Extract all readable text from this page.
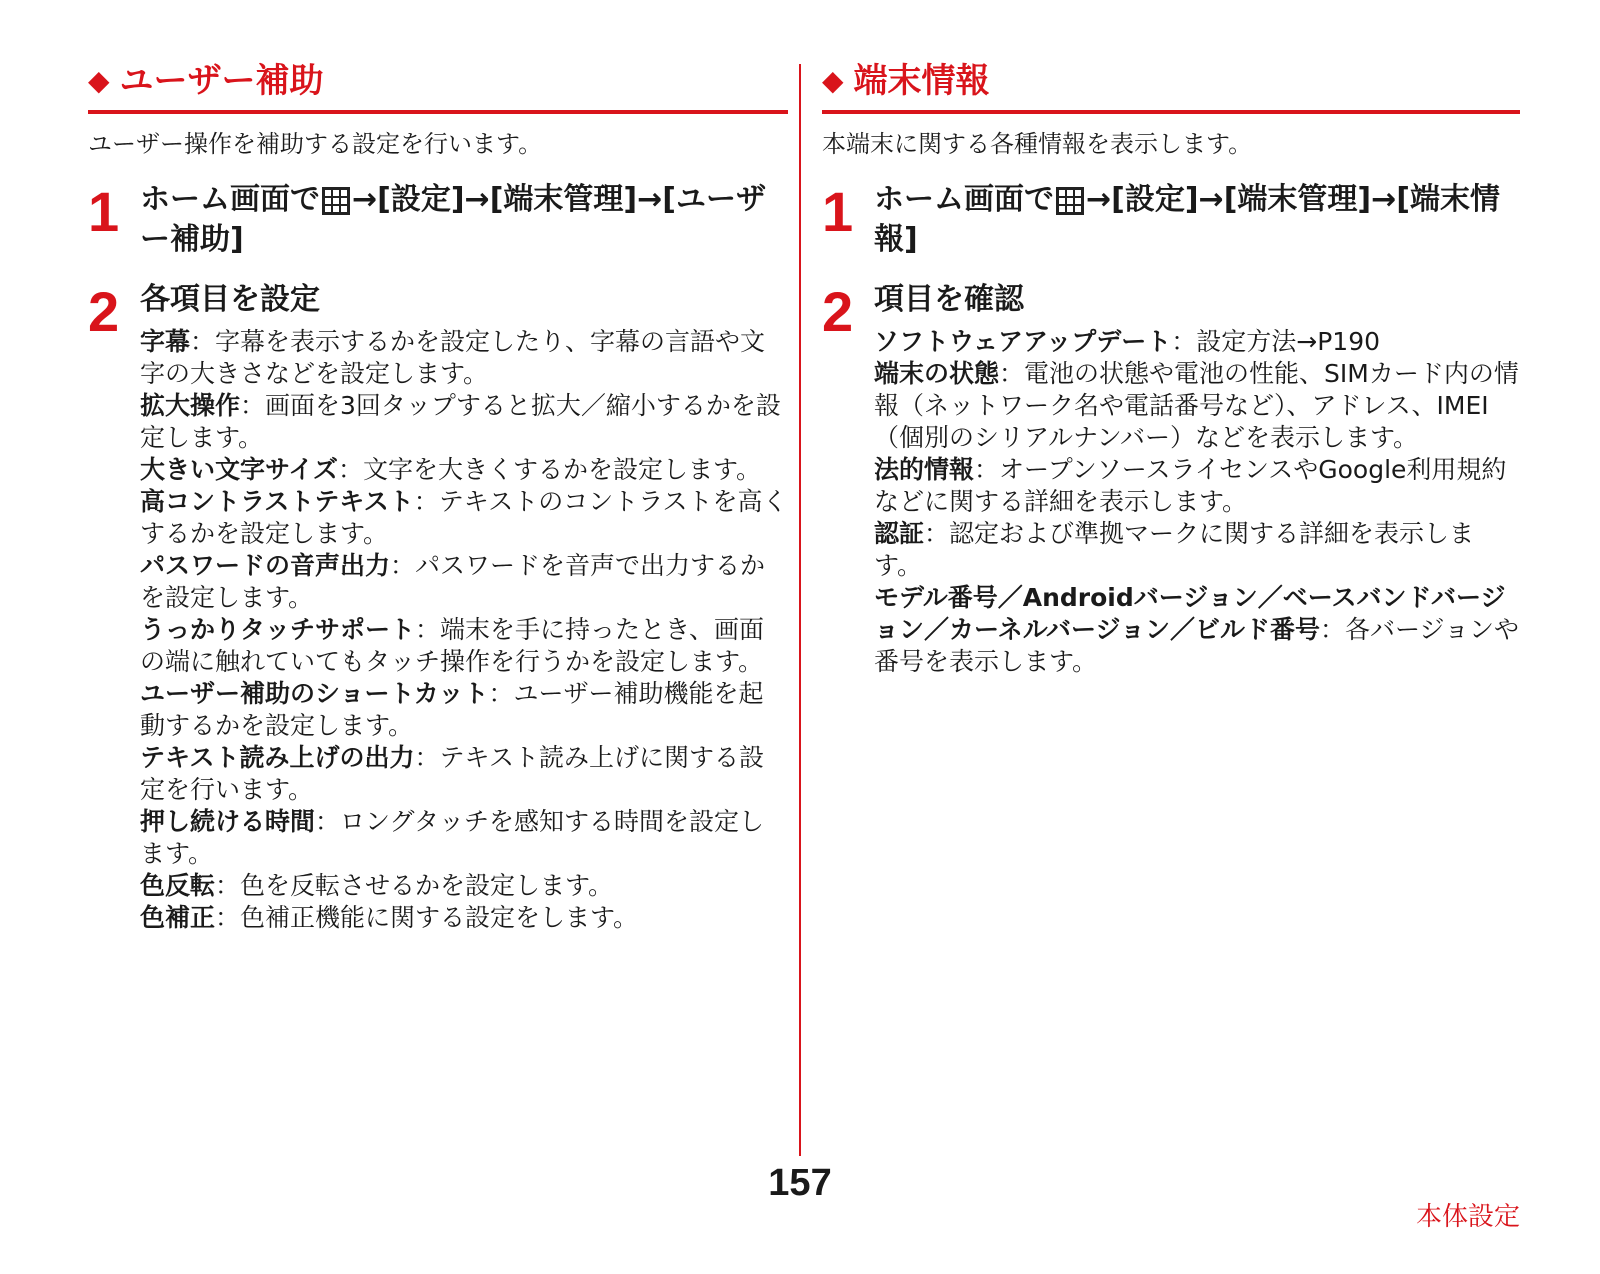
◆ ユーザー補助

ユーザー操作を補助する設定を行います。

1 ホーム画面で →[設定]→[端末管理]→[ユーザー補助]
2 各項目を設定
字幕：字幕を表示するかを設定したり、字幕の言語や文字の大きさなどを設定します。
拡大操作：画面を3回タップすると拡大／縮小するかを設定します。
大きい文字サイズ：文字を大きくするかを設定します。
高コントラストテキスト：テキストのコントラストを高くするかを設定します。
パスワードの音声出力：パスワードを音声で出力するかを設定します。
うっかりタッチサポート：端末を手に持ったとき、画面の端に触れていてもタッチ操作を行うかを設定します。
ユーザー補助のショートカット：ユーザー補助機能を起動するかを設定します。
テキスト読み上げの出力：テキスト読み上げに関する設定を行います。
押し続ける時間：ロングタッチを感知する時間を設定します。
色反転：色を反転させるかを設定します。
色補正：色補正機能に関する設定をします。
◆ 端末情報

本端末に関する各種情報を表示します。

1 ホーム画面で →[設定]→[端末管理]→[端末情報]
2 項目を確認
ソフトウェアアップデート：設定方法→P190
端末の状態：電池の状態や電池の性能、SIMカード内の情報（ネットワーク名や電話番号など）、アドレス、IMEI（個別のシリアルナンバー）などを表示します。
法的情報：オープンソースライセンスやGoogle利用規約などに関する詳細を表示します。
認証：認定および準拠マークに関する詳細を表示します。
モデル番号／Androidバージョン／ベースバンドバージョン／カーネルバージョン／ビルド番号：各バージョンや番号を表示します。
157
本体設定
